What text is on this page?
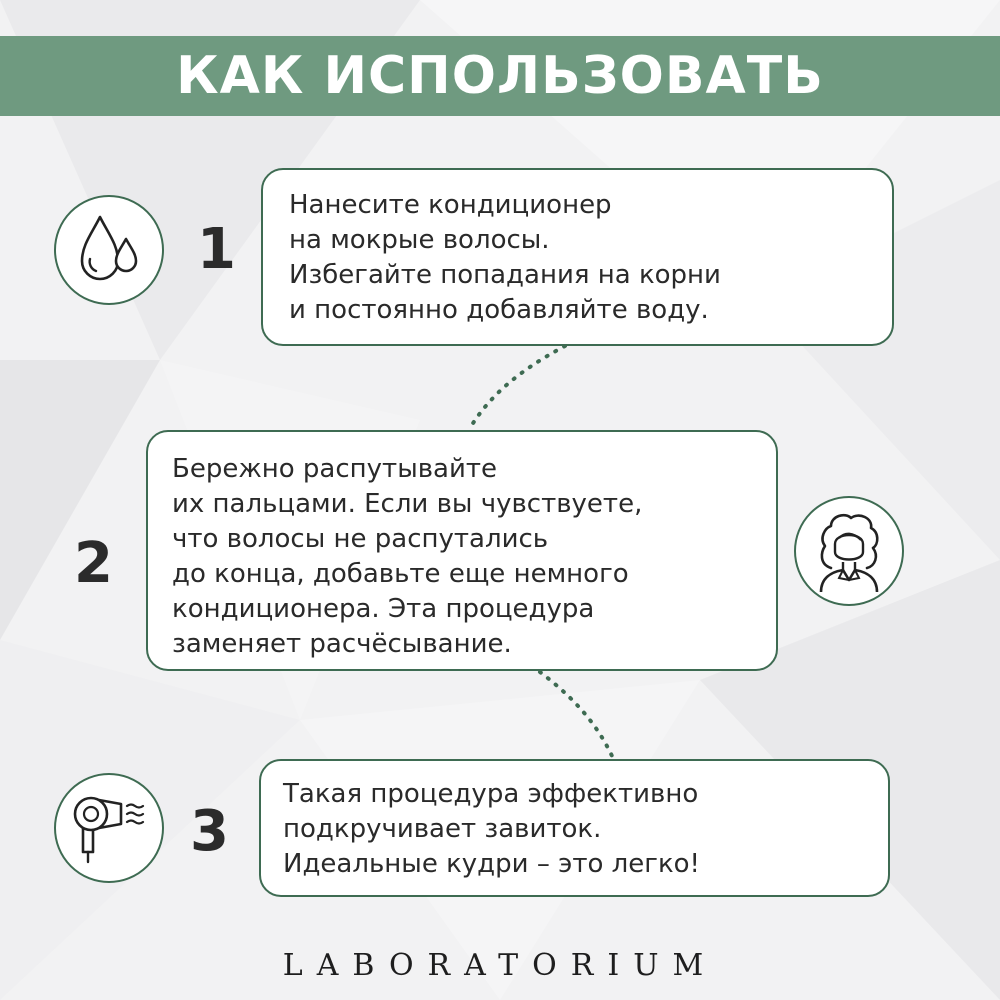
КАК ИСПОЛЬЗОВАТЬ
1

Нанесите кондиционер
на мокрые волосы.
Избегайте попадания на корни
и постоянно добавляйте воду.

Бережно распутывайте
их пальцами. Если вы чувствуете,
что волосы не распутались
до конца, добавьте еще немного
кондиционера. Эта процедура
заменяет расчёсывание.

2
3

Такая процедура эффективно
подкручивает завиток.
Идеальные кудри – это легко!

LABORATORIUM
